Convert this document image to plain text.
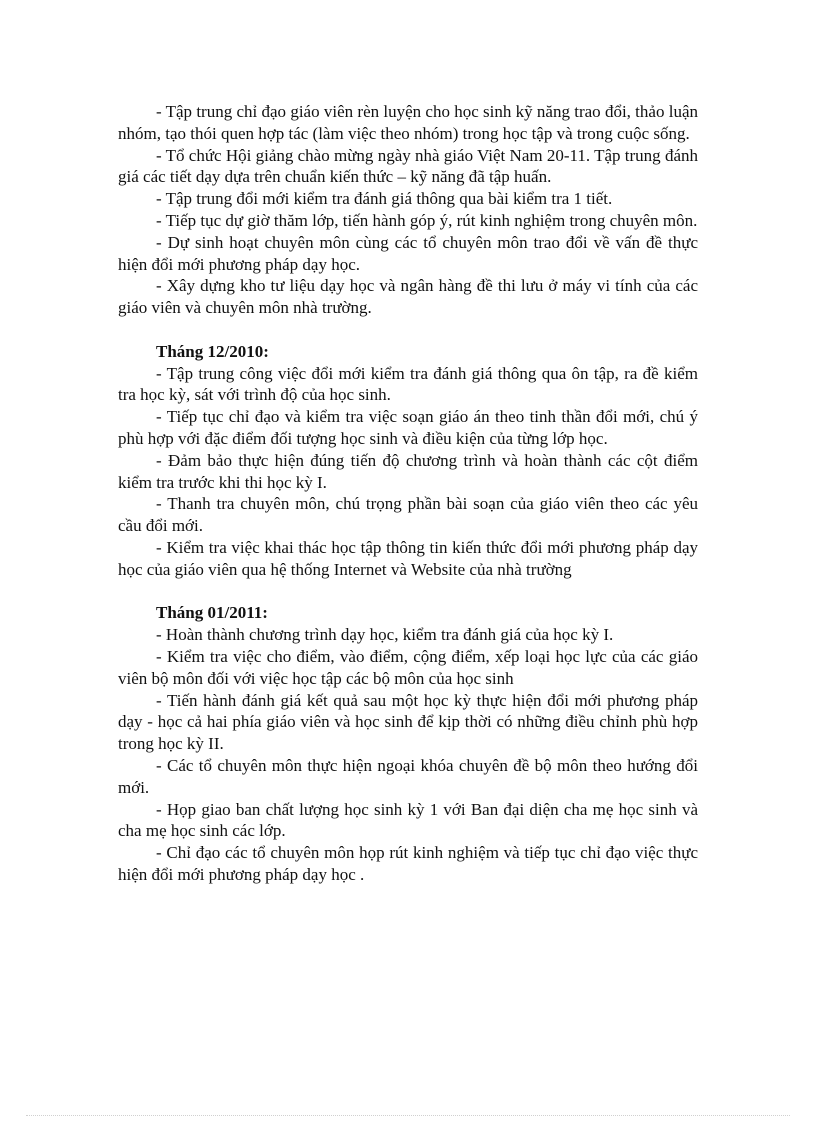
- Tập trung chỉ đạo giáo viên rèn luyện cho học sinh kỹ năng trao đổi, thảo luận nhóm, tạo thói quen hợp tác (làm việc theo nhóm) trong học tập và trong cuộc sống.

- Tổ chức Hội giảng chào mừng ngày nhà giáo Việt Nam 20-11. Tập trung đánh giá các tiết dạy dựa trên chuẩn kiến thức – kỹ năng đã tập huấn.

- Tập trung đổi mới kiểm tra đánh giá thông qua bài kiểm tra 1 tiết.

- Tiếp tục dự giờ thăm lớp, tiến hành góp ý, rút kinh nghiệm trong chuyên môn.

- Dự sinh hoạt chuyên môn cùng các tổ chuyên môn trao đổi về vấn đề thực hiện đổi mới phương pháp dạy học.

- Xây dựng kho tư liệu dạy học và ngân hàng đề thi lưu ở máy vi tính của các giáo viên và chuyên môn nhà trường.

Tháng 12/2010:

- Tập trung công việc đổi mới kiểm tra đánh giá thông qua ôn tập, ra đề kiểm tra học kỳ, sát với trình độ của học sinh.

- Tiếp tục chỉ đạo và kiểm tra việc soạn giáo án theo tinh thần đổi mới, chú ý phù hợp với đặc điểm đối tượng học sinh và điều kiện của từng lớp học.

- Đảm bảo thực hiện đúng tiến độ chương trình và hoàn thành các cột điểm kiểm tra trước khi thi học kỳ I.

- Thanh tra chuyên môn, chú trọng phần bài soạn của giáo viên theo các yêu cầu đổi mới.

- Kiểm tra việc khai thác học tập thông tin kiến thức đổi mới phương pháp dạy học của giáo viên qua hệ thống Internet và Website của nhà trường

Tháng 01/2011:

- Hoàn thành chương trình dạy học, kiểm tra đánh giá của học kỳ I.

- Kiểm tra việc cho điểm, vào điểm, cộng điểm, xếp loại học lực của các giáo viên bộ môn đối với việc học tập các bộ môn của học sinh

- Tiến hành đánh giá kết quả sau một học kỳ thực hiện đổi mới phương pháp dạy - học cả hai phía giáo viên và học sinh để kịp thời có những điều chỉnh phù hợp trong học kỳ II.

- Các tổ chuyên môn thực hiện ngoại khóa chuyên đề bộ môn theo hướng đổi mới.

- Họp giao ban chất lượng học sinh kỳ 1 với Ban đại diện cha mẹ học sinh và cha mẹ học sinh các lớp.

- Chỉ đạo các tổ chuyên môn họp rút kinh nghiệm và tiếp tục chỉ đạo việc thực hiện đổi mới phương pháp dạy học .
